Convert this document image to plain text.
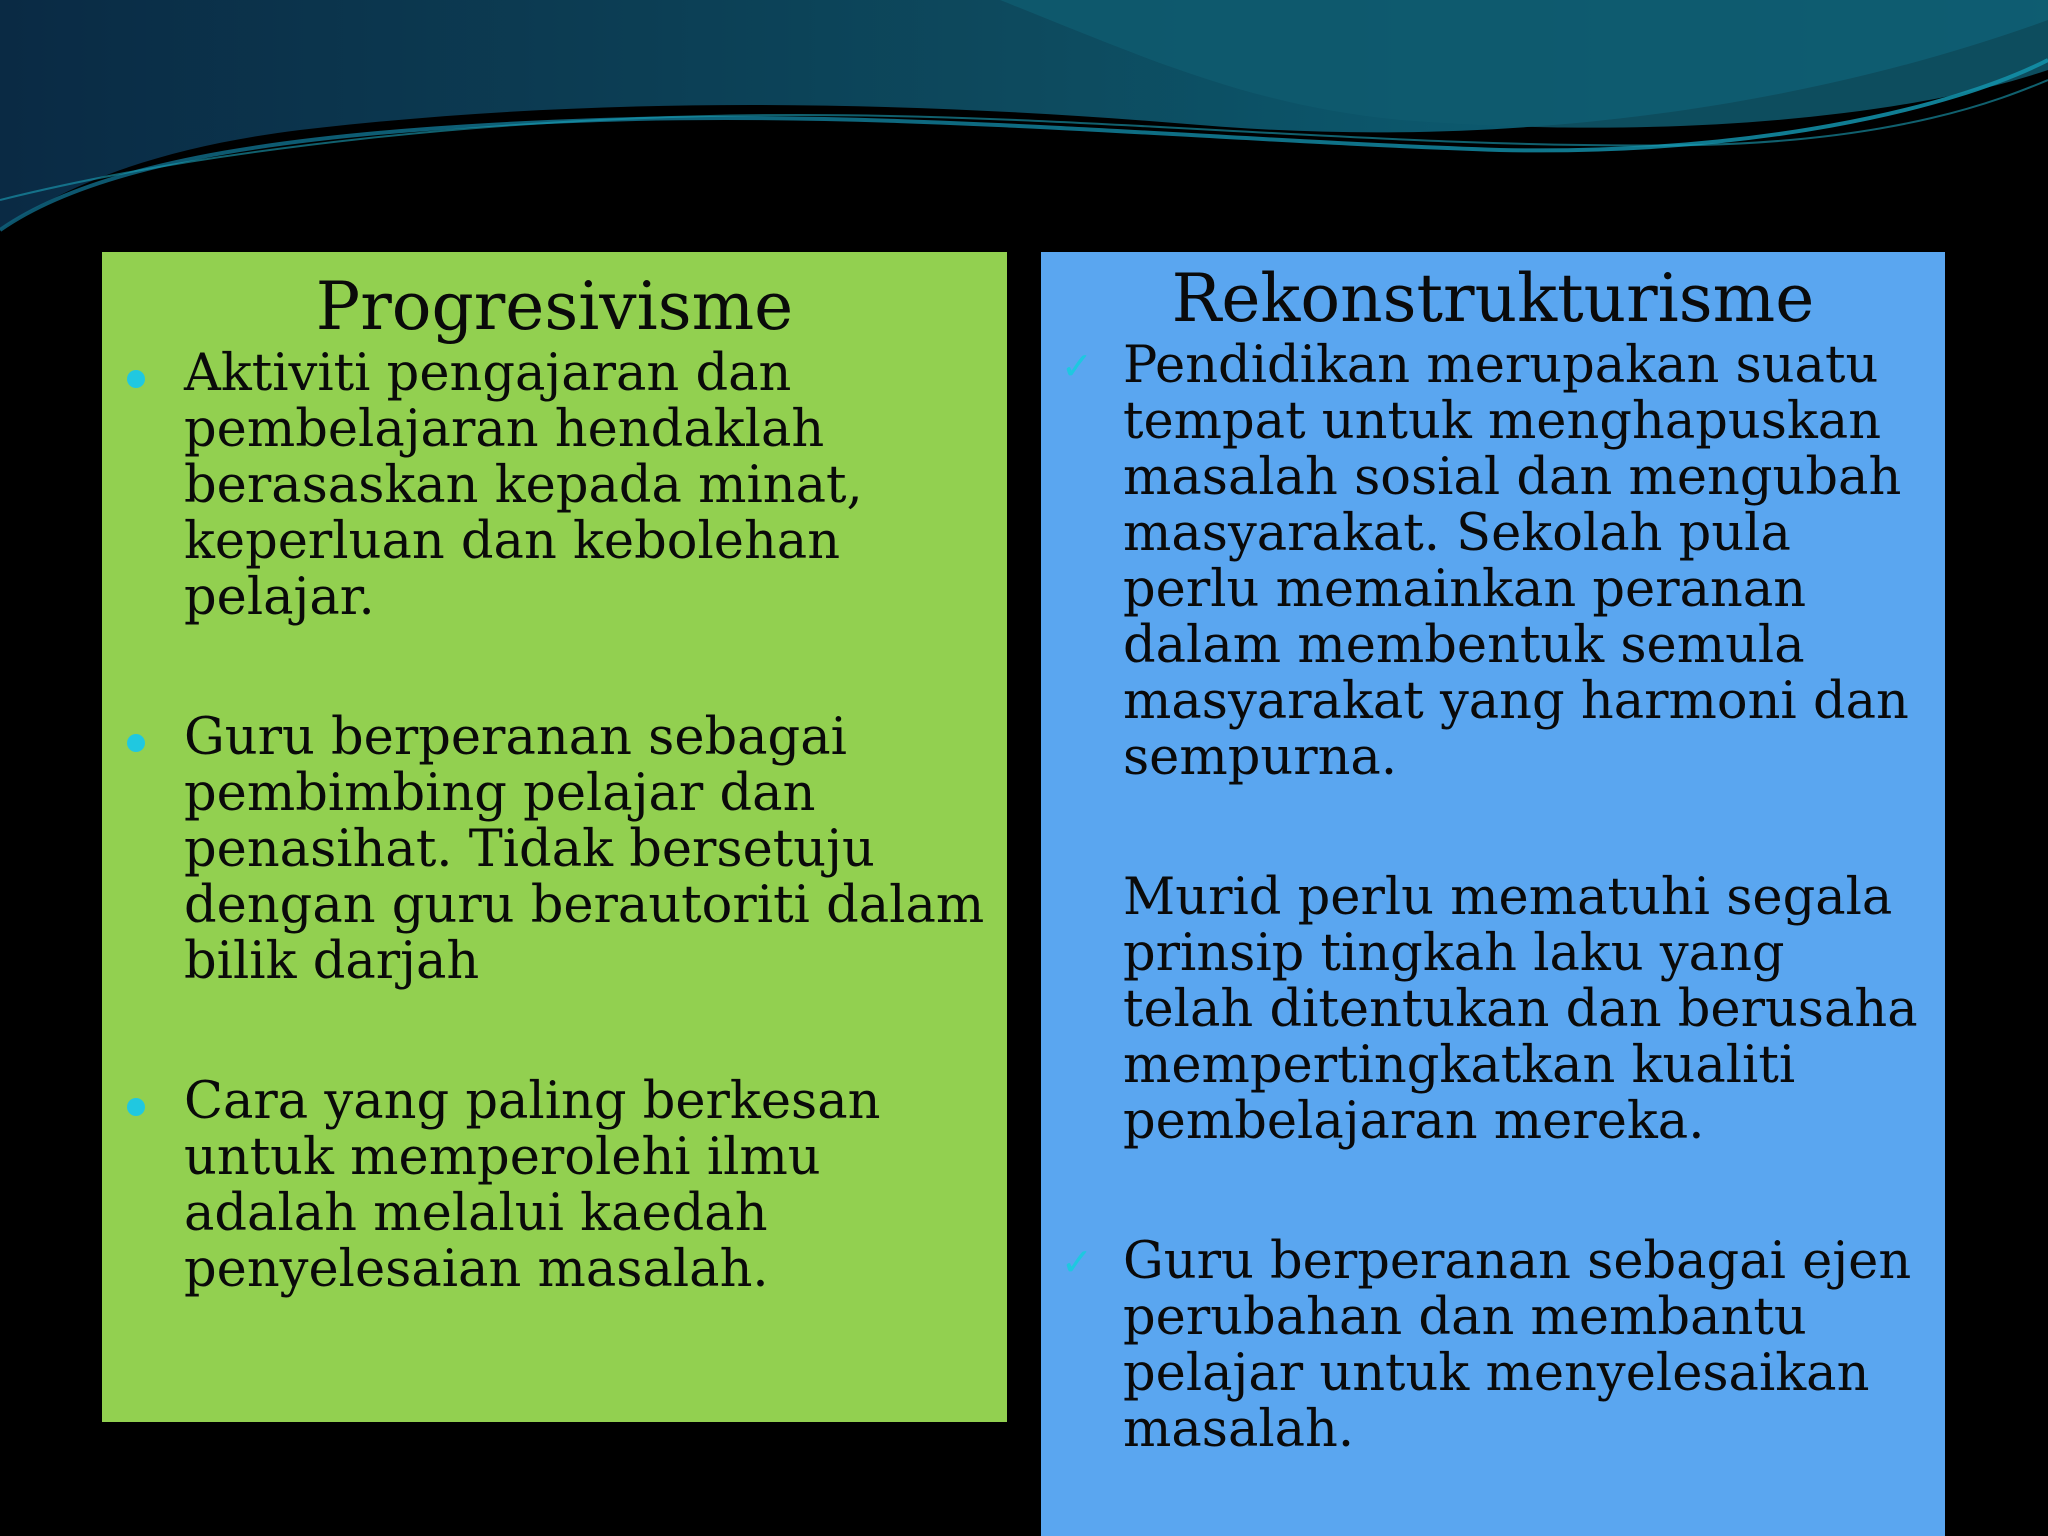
Progresivisme
Aktiviti pengajaran dan pembelajaran hendaklah berasaskan kepada minat, keperluan dan kebolehan pelajar.
Guru berperanan sebagai pembimbing pelajar dan penasihat. Tidak bersetuju dengan guru berautoriti dalam bilik darjah
Cara yang paling berkesan untuk memperolehi ilmu adalah melalui kaedah penyelesaian masalah.
Rekonstrukturisme
✓ Pendidikan merupakan suatu tempat untuk menghapuskan masalah sosial dan mengubah masyarakat. Sekolah pula perlu memainkan peranan dalam membentuk semula masyarakat yang harmoni dan sempurna.
Murid perlu mematuhi segala prinsip tingkah laku yang telah ditentukan dan berusaha mempertingkatkan kualiti pembelajaran mereka.
✓ Guru berperanan sebagai ejen perubahan dan membantu pelajar untuk menyelesaikan masalah.
